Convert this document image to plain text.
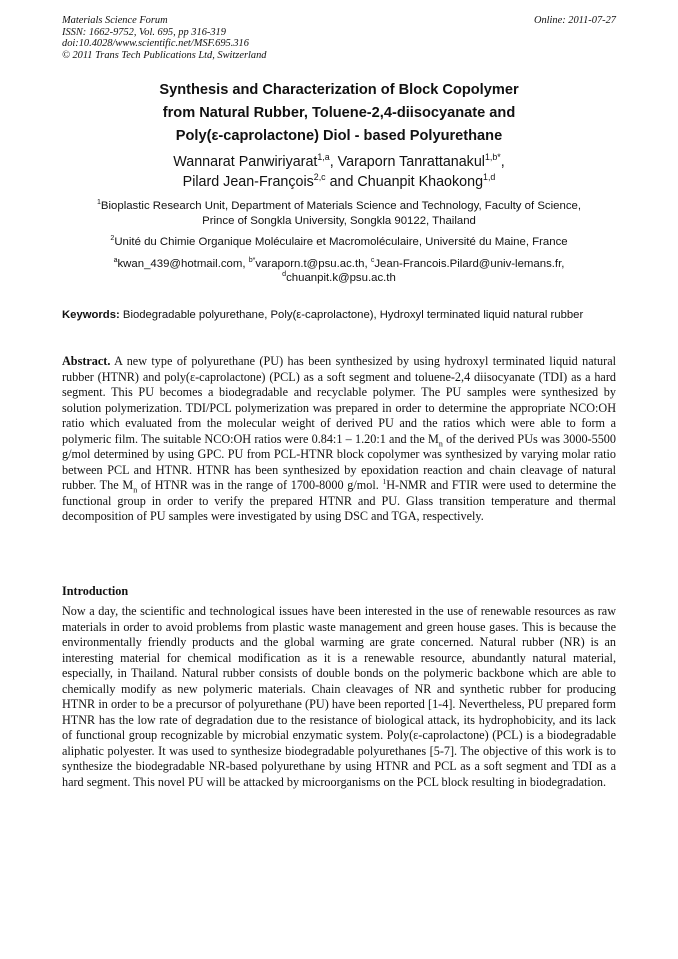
Materials Science Forum
ISSN: 1662-9752, Vol. 695, pp 316-319
doi:10.4028/www.scientific.net/MSF.695.316
© 2011 Trans Tech Publications Ltd, Switzerland
Online: 2011-07-27
Synthesis and Characterization of Block Copolymer
from Natural Rubber, Toluene-2,4-diisocyanate and
Poly(ε-caprolactone) Diol - based Polyurethane
Wannarat Panwiriyarat$^{1,a}$, Varaporn Tanrattanakul$^{1,b*}$,
Pilard Jean-François$^{2,c}$ and Chuanpit Khaokong$^{1,d}$
$^1$Bioplastic Research Unit, Department of Materials Science and Technology, Faculty of Science,
Prince of Songkla University, Songkla 90122, Thailand
$^2$Unité du Chimie Organique Moléculaire et Macromoléculaire, Université du Maine, France
$^a$kwan_439@hotmail.com, $^{b*}$varaporn.t@psu.ac.th, $^c$Jean-Francois.Pilard@univ-lemans.fr,
$^d$chuanpit.k@psu.ac.th
Keywords: Biodegradable polyurethane, Poly(ε-caprolactone), Hydroxyl terminated liquid natural rubber
Abstract. A new type of polyurethane (PU) has been synthesized by using hydroxyl terminated liquid natural rubber (HTNR) and poly(ε-caprolactone) (PCL) as a soft segment and toluene-2,4 diisocyanate (TDI) as a hard segment. This PU becomes a biodegradable and recyclable polymer. The PU samples were synthesized by solution polymerization. TDI/PCL polymerization was prepared in order to determine the appropriate NCO:OH ratio which evaluated from the molecular weight of derived PU and the ratios which were able to form a polymeric film. The suitable NCO:OH ratios were 0.84:1 – 1.20:1 and the $M_n$ of the derived PUs was 3000-5500 g/mol determined by using GPC. PU from PCL-HTNR block copolymer was synthesized by varying molar ratio between PCL and HTNR. HTNR has been synthesized by epoxidation reaction and chain cleavage of natural rubber. The $M_n$ of HTNR was in the range of 1700-8000 g/mol. $^1$H-NMR and FTIR were used to determine the functional group in order to verify the prepared HTNR and PU. Glass transition temperature and thermal decomposition of PU samples were investigated by using DSC and TGA, respectively.
Introduction
Now a day, the scientific and technological issues have been interested in the use of renewable resources as raw materials in order to avoid problems from plastic waste management and green house gases. This is because the environmentally friendly products and the global warming are grate concerned. Natural rubber (NR) is an interesting material for chemical modification as it is a renewable resource, abundantly natural material, especially, in Thailand. Natural rubber consists of double bonds on the polymeric backbone which are able to chemically modify as new polymeric materials. Chain cleavages of NR and synthetic rubber for producing HTNR in order to be a precursor of polyurethane (PU) have been reported [1-4]. Nevertheless, PU prepared form HTNR has the low rate of degradation due to the resistance of biological attack, its hydrophobicity, and its lack of functional group recognizable by microbial enzymatic system. Poly(ε-caprolactone) (PCL) is a biodegradable aliphatic polyester. It was used to synthesize biodegradable polyurethanes [5-7]. The objective of this work is to synthesize the biodegradable NR-based polyurethane by using HTNR and PCL as a soft segment and TDI as a hard segment. This novel PU will be attacked by microorganisms on the PCL block resulting in biodegradation.
